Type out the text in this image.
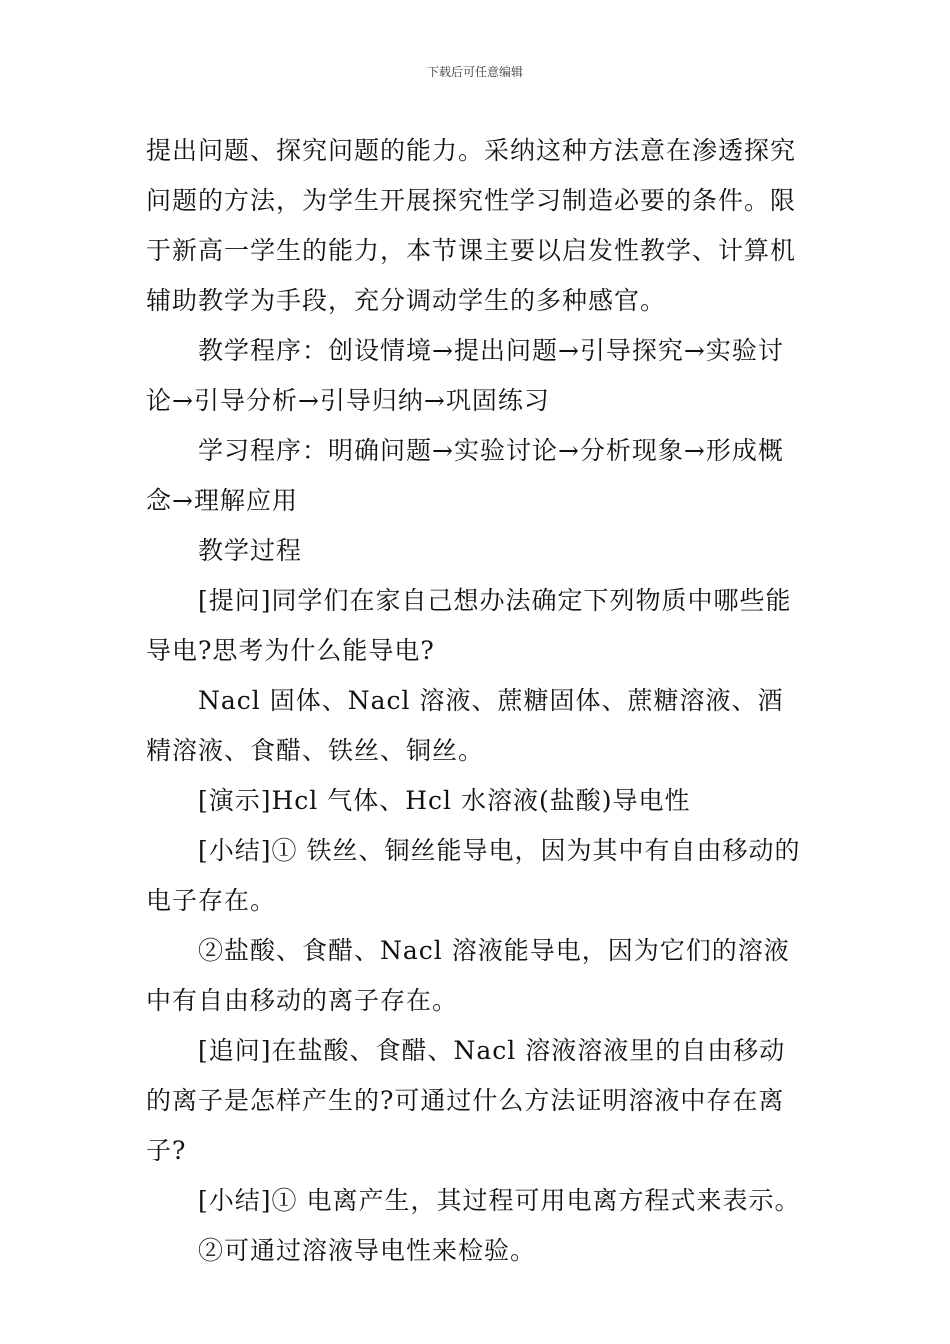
下载后可任意编辑

提出问题、探究问题的能力。采纳这种方法意在渗透探究问题的方法，为学生开展探究性学习制造必要的条件。限于新高一学生的能力，本节课主要以启发性教学、计算机辅助教学为手段，充分调动学生的多种感官。

教学程序：创设情境→提出问题→引导探究→实验讨论→引导分析→引导归纳→巩固练习

学习程序：明确问题→实验讨论→分析现象→形成概念→理解应用

教学过程

[提问]同学们在家自己想办法确定下列物质中哪些能导电?思考为什么能导电?

Nacl 固体、Nacl 溶液、蔗糖固体、蔗糖溶液、酒精溶液、食醋、铁丝、铜丝。

[演示]Hcl 气体、Hcl 水溶液(盐酸)导电性

[小结]① 铁丝、铜丝能导电，因为其中有自由移动的电子存在。

②盐酸、食醋、Nacl 溶液能导电，因为它们的溶液中有自由移动的离子存在。

[追问]在盐酸、食醋、Nacl 溶液溶液里的自由移动的离子是怎样产生的?可通过什么方法证明溶液中存在离子?

[小结]① 电离产生，其过程可用电离方程式来表示。

②可通过溶液导电性来检验。
